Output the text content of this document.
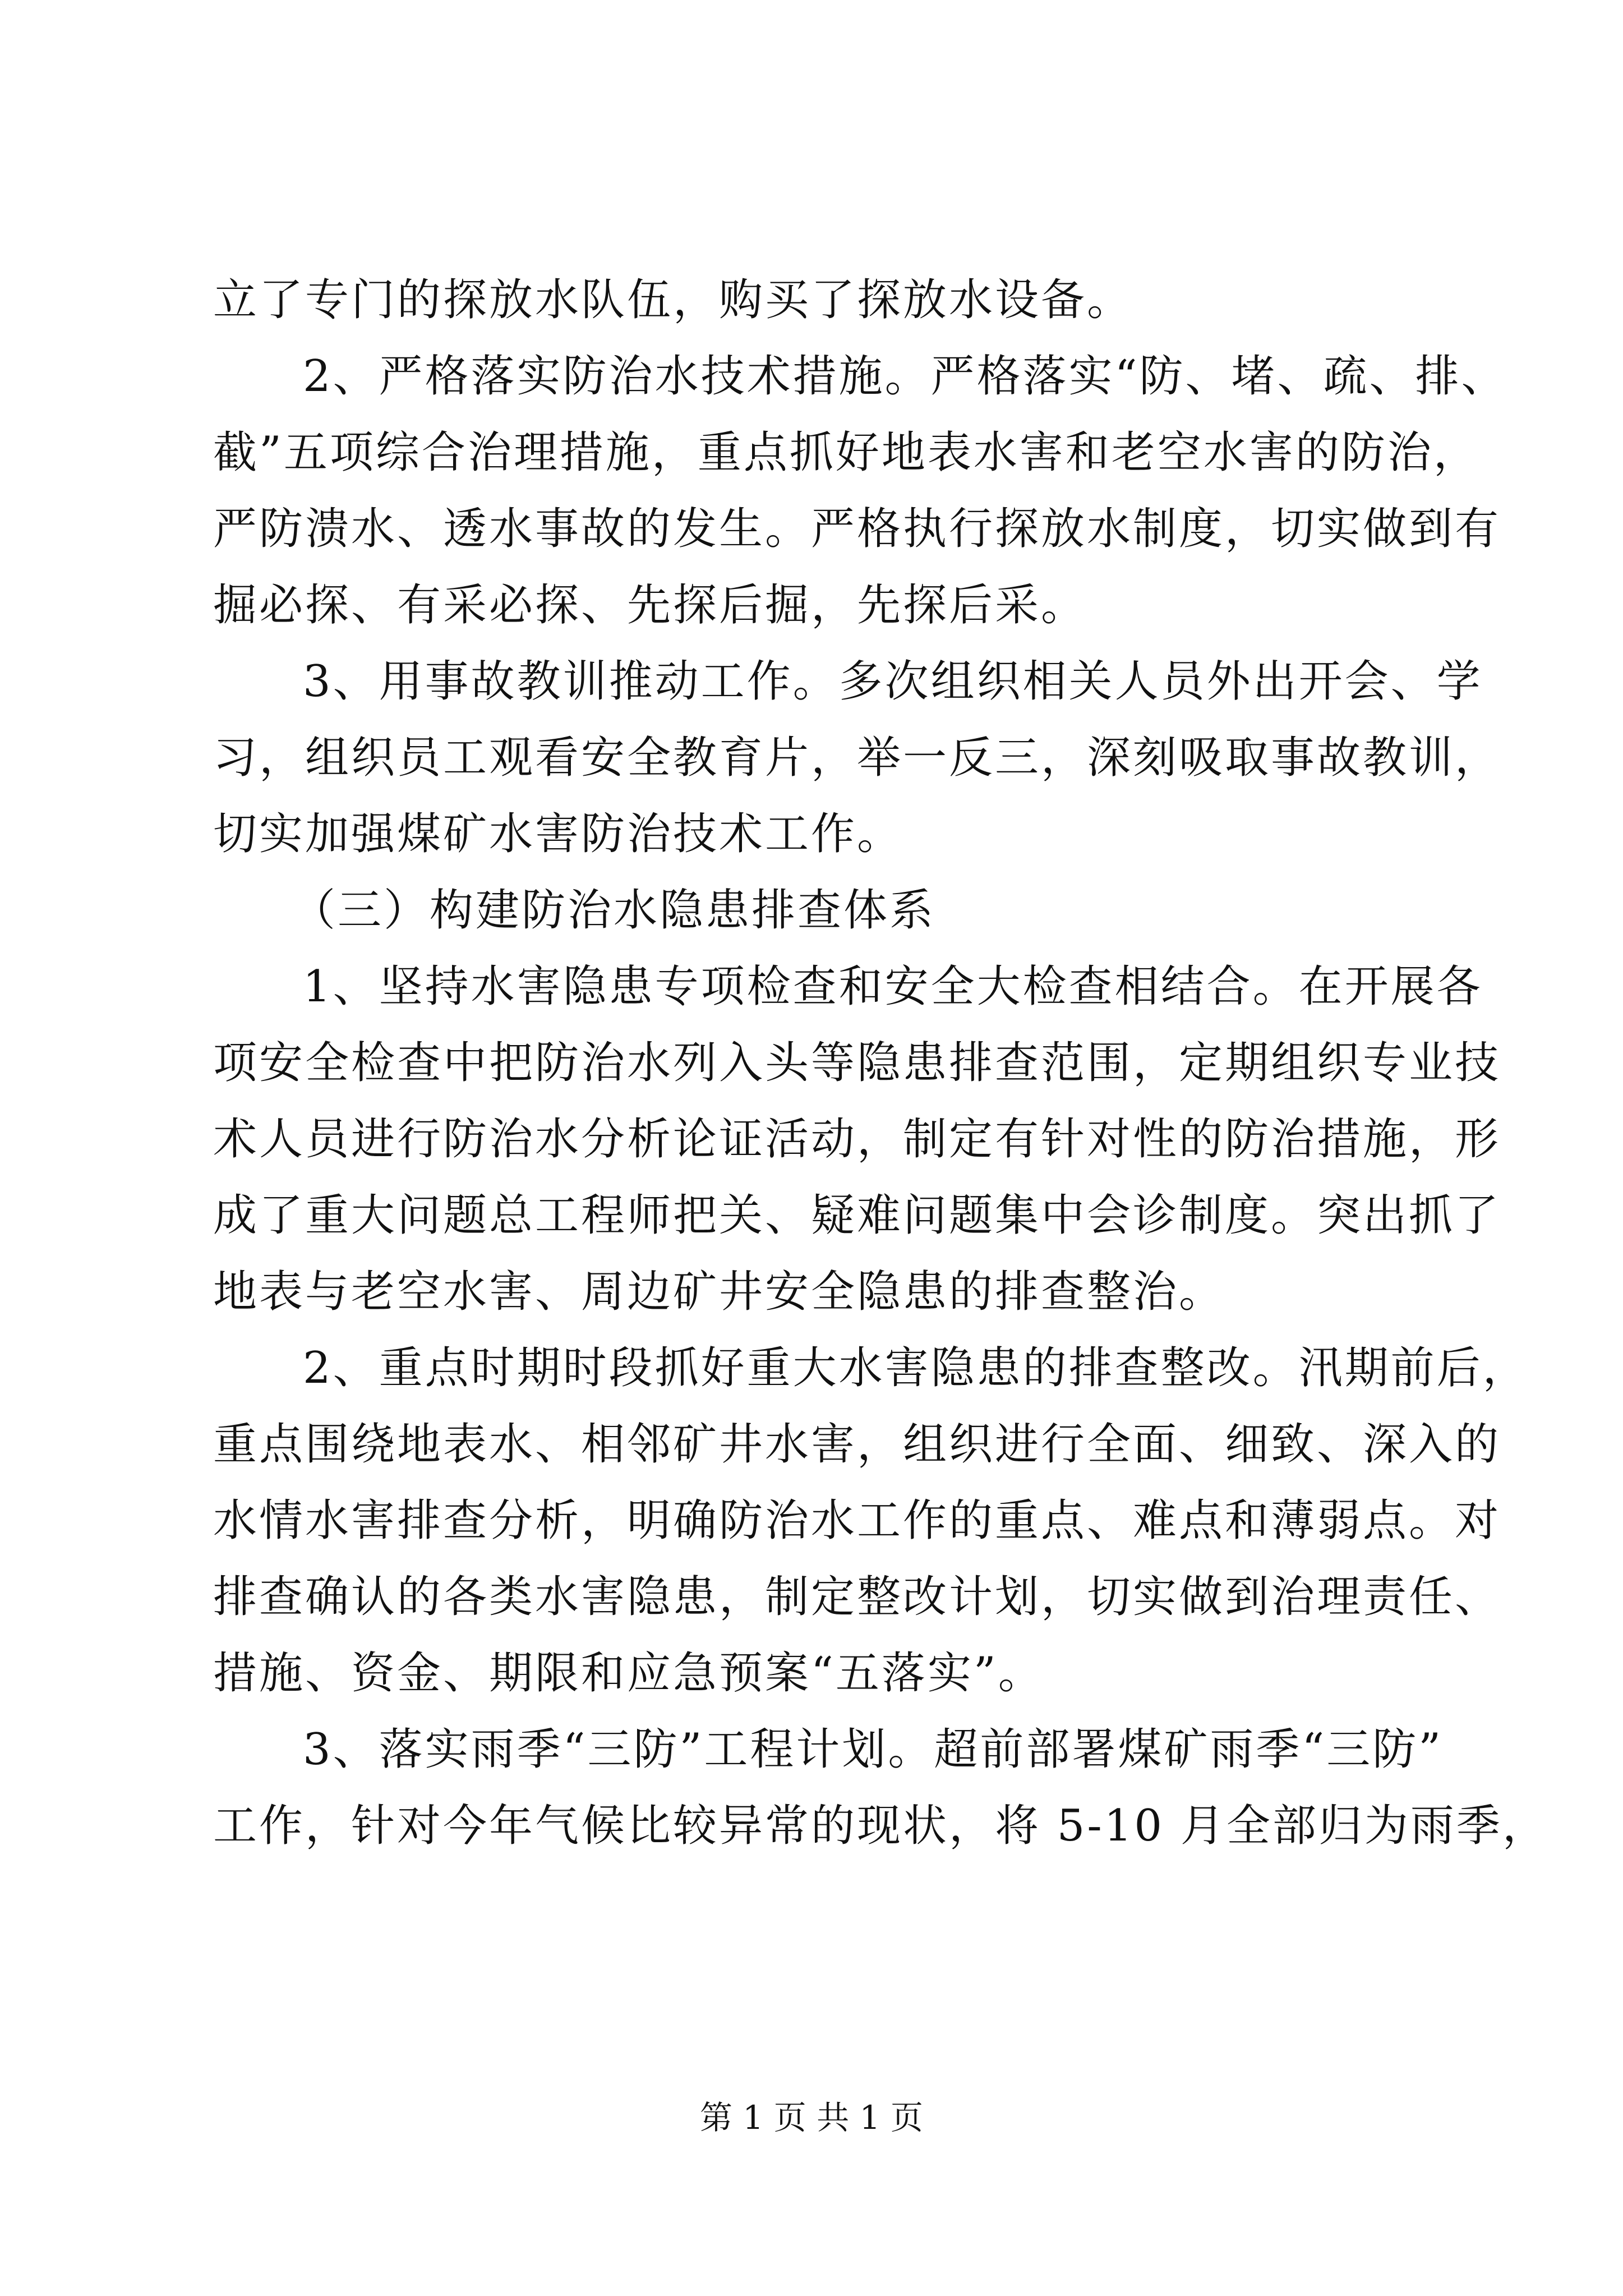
立了专门的探放水队伍，购买了探放水设备。
2、严格落实防治水技术措施。严格落实“防、堵、疏、排、
截”五项综合治理措施，重点抓好地表水害和老空水害的防治，
严防溃水、透水事故的发生。严格执行探放水制度，切实做到有
掘必探、有采必探、先探后掘，先探后采。
3、用事故教训推动工作。多次组织相关人员外出开会、学
习，组织员工观看安全教育片，举一反三，深刻吸取事故教训，
切实加强煤矿水害防治技术工作。
（三）构建防治水隐患排查体系
1、坚持水害隐患专项检查和安全大检查相结合。在开展各
项安全检查中把防治水列入头等隐患排查范围，定期组织专业技
术人员进行防治水分析论证活动，制定有针对性的防治措施，形
成了重大问题总工程师把关、疑难问题集中会诊制度。突出抓了
地表与老空水害、周边矿井安全隐患的排查整治。
2、重点时期时段抓好重大水害隐患的排查整改。汛期前后，
重点围绕地表水、相邻矿井水害，组织进行全面、细致、深入的
水情水害排查分析，明确防治水工作的重点、难点和薄弱点。对
排查确认的各类水害隐患，制定整改计划，切实做到治理责任、
措施、资金、期限和应急预案“五落实”。
3、落实雨季“三防”工程计划。超前部署煤矿雨季“三防”
工作，针对今年气候比较异常的现状，将 5-10 月全部归为雨季，
第 1 页 共 1 页
